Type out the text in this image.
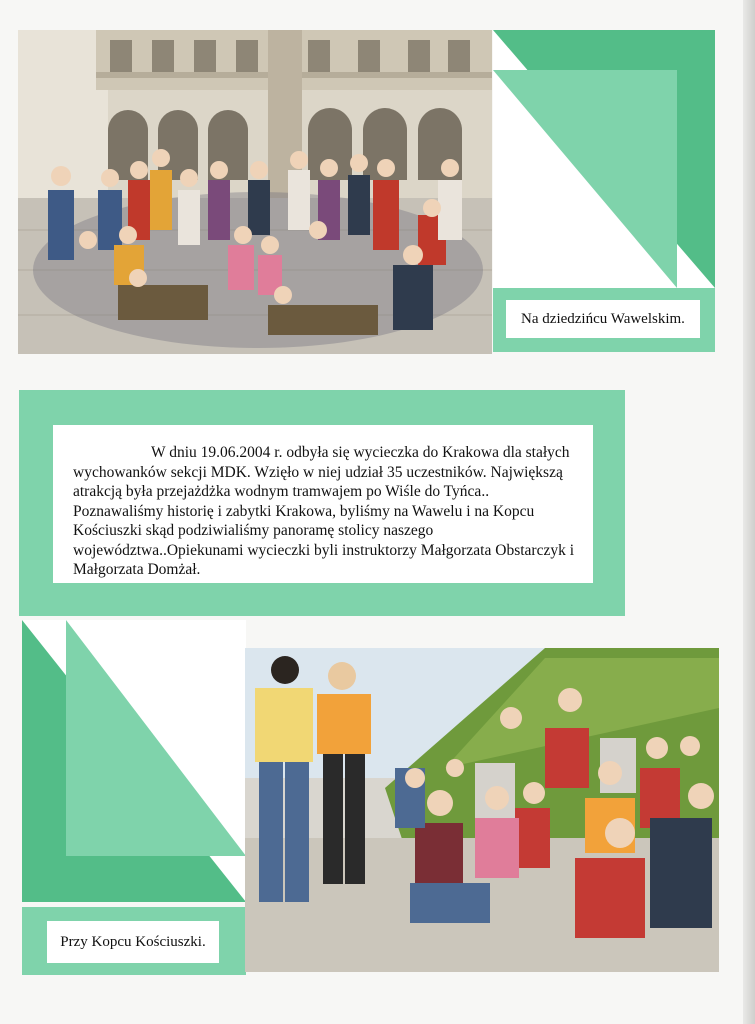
Na dziedzińcu Wawelskim.

W dniu 19.06.2004 r. odbyła się wycieczka do Krakowa dla stałych wychowanków sekcji MDK. Wzięło w niej udział 35 uczestników. Największą atrakcją była przejażdżka wodnym tramwajem po Wiśle do Tyńca.. Poznawaliśmy historię i zabytki Krakowa, byliśmy na Wawelu i na Kopcu Kościuszki skąd podziwialiśmy panoramę stolicy naszego województwa..Opiekunami wycieczki byli instruktorzy Małgorzata Obstarczyk i Małgorzata Domżał.

Przy Kopcu Kościuszki.
